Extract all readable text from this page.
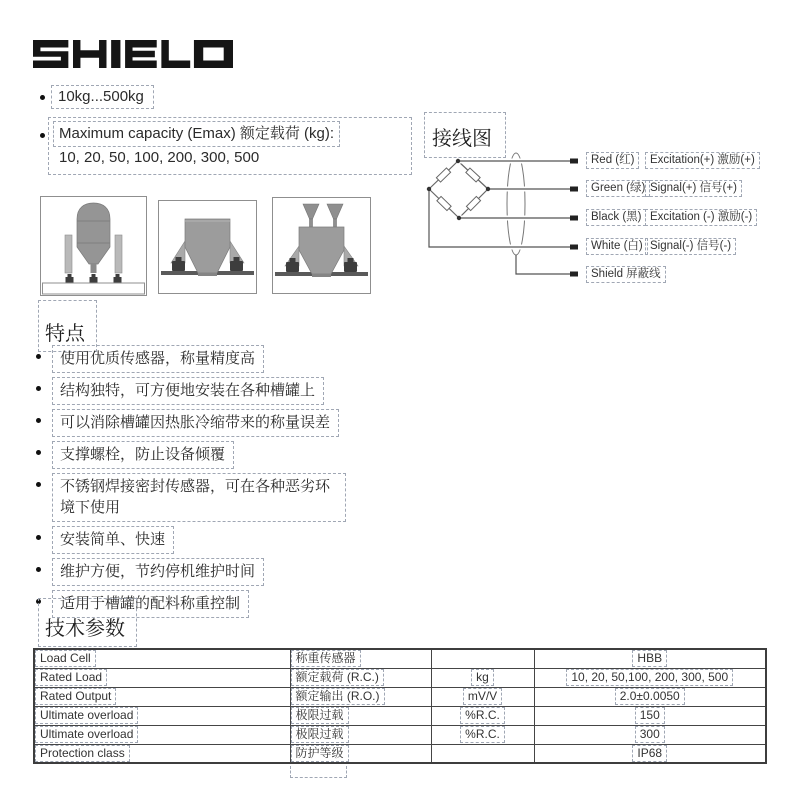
10kg...500kg
Maximum capacity (Emax) 额定载荷 (kg):
10, 20, 50, 100, 200, 300, 500
接线图
Red (红)	Excitation(+) 激励(+)
Green (绿) Signal(+) 信号(+)
Black (黑) Excitation (-) 激励(-)
White (白) Signal(-) 信号(-)
Shield 屏蔽线
特点
使用优质传感器，称量精度高
结构独特，可方便地安装在各种槽罐上
可以消除槽罐因热胀冷缩带来的称量误差
支撑螺栓，防止设备倾覆
不锈钢焊接密封传感器，可在各种恶劣环境下使用
安装简单、快速
维护方便，节约停机维护时间
适用于槽罐的配料称重控制
技术参数
Load Cell	称重传感器		HBB
Rated Load	额定载荷 (R.C.)	kg	10, 20, 50,100, 200, 300, 500
Rated Output	额定输出 (R.O.)	mV/V	2.0±0.0050
Ultimate overload	极限过载	%R.C.	150
Ultimate overload	极限过载	%R.C.	300
Protection class	防护等级		IP68
